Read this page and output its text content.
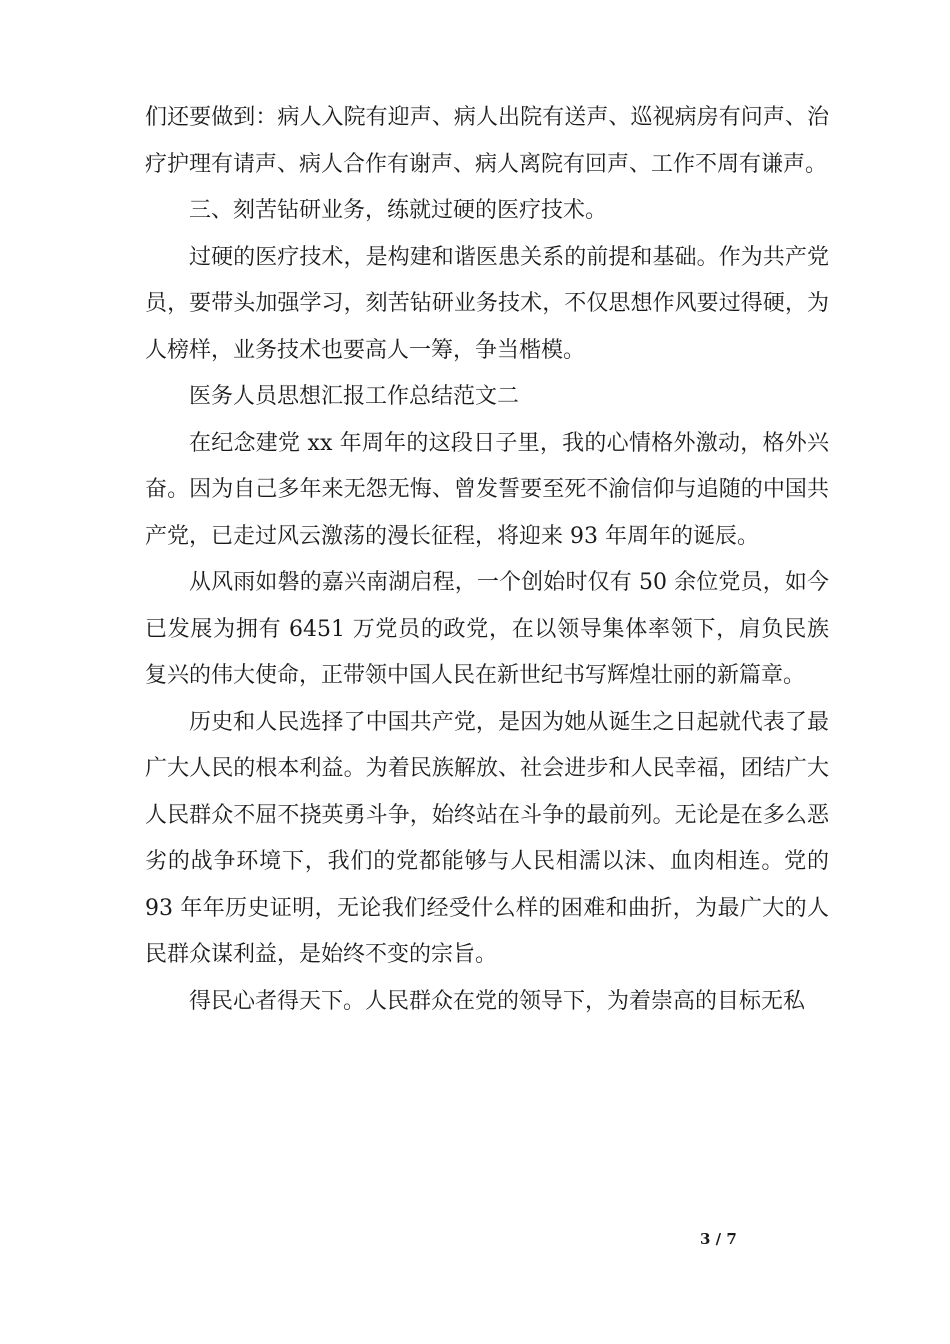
们还要做到：病人入院有迎声、病人出院有送声、巡视病房有问声、治疗护理有请声、病人合作有谢声、病人离院有回声、工作不周有谦声。

三、刻苦钻研业务，练就过硬的医疗技术。

过硬的医疗技术，是构建和谐医患关系的前提和基础。作为共产党员，要带头加强学习，刻苦钻研业务技术，不仅思想作风要过得硬，为人榜样，业务技术也要高人一筹，争当楷模。

医务人员思想汇报工作总结范文二

在纪念建党 xx 年周年的这段日子里，我的心情格外激动，格外兴奋。因为自己多年来无怨无悔、曾发誓要至死不渝信仰与追随的中国共产党，已走过风云激荡的漫长征程，将迎来 93 年周年的诞辰。

从风雨如磐的嘉兴南湖启程，一个创始时仅有 50 余位党员，如今已发展为拥有 6451 万党员的政党，在以领导集体率领下，肩负民族复兴的伟大使命，正带领中国人民在新世纪书写辉煌壮丽的新篇章。

历史和人民选择了中国共产党，是因为她从诞生之日起就代表了最广大人民的根本利益。为着民族解放、社会进步和人民幸福，团结广大人民群众不屈不挠英勇斗争，始终站在斗争的最前列。无论是在多么恶劣的战争环境下，我们的党都能够与人民相濡以沫、血肉相连。党的 93 年年历史证明，无论我们经受什么样的困难和曲折，为最广大的人民群众谋利益，是始终不变的宗旨。

得民心者得天下。人民群众在党的领导下，为着崇高的目标无私

3 / 7
